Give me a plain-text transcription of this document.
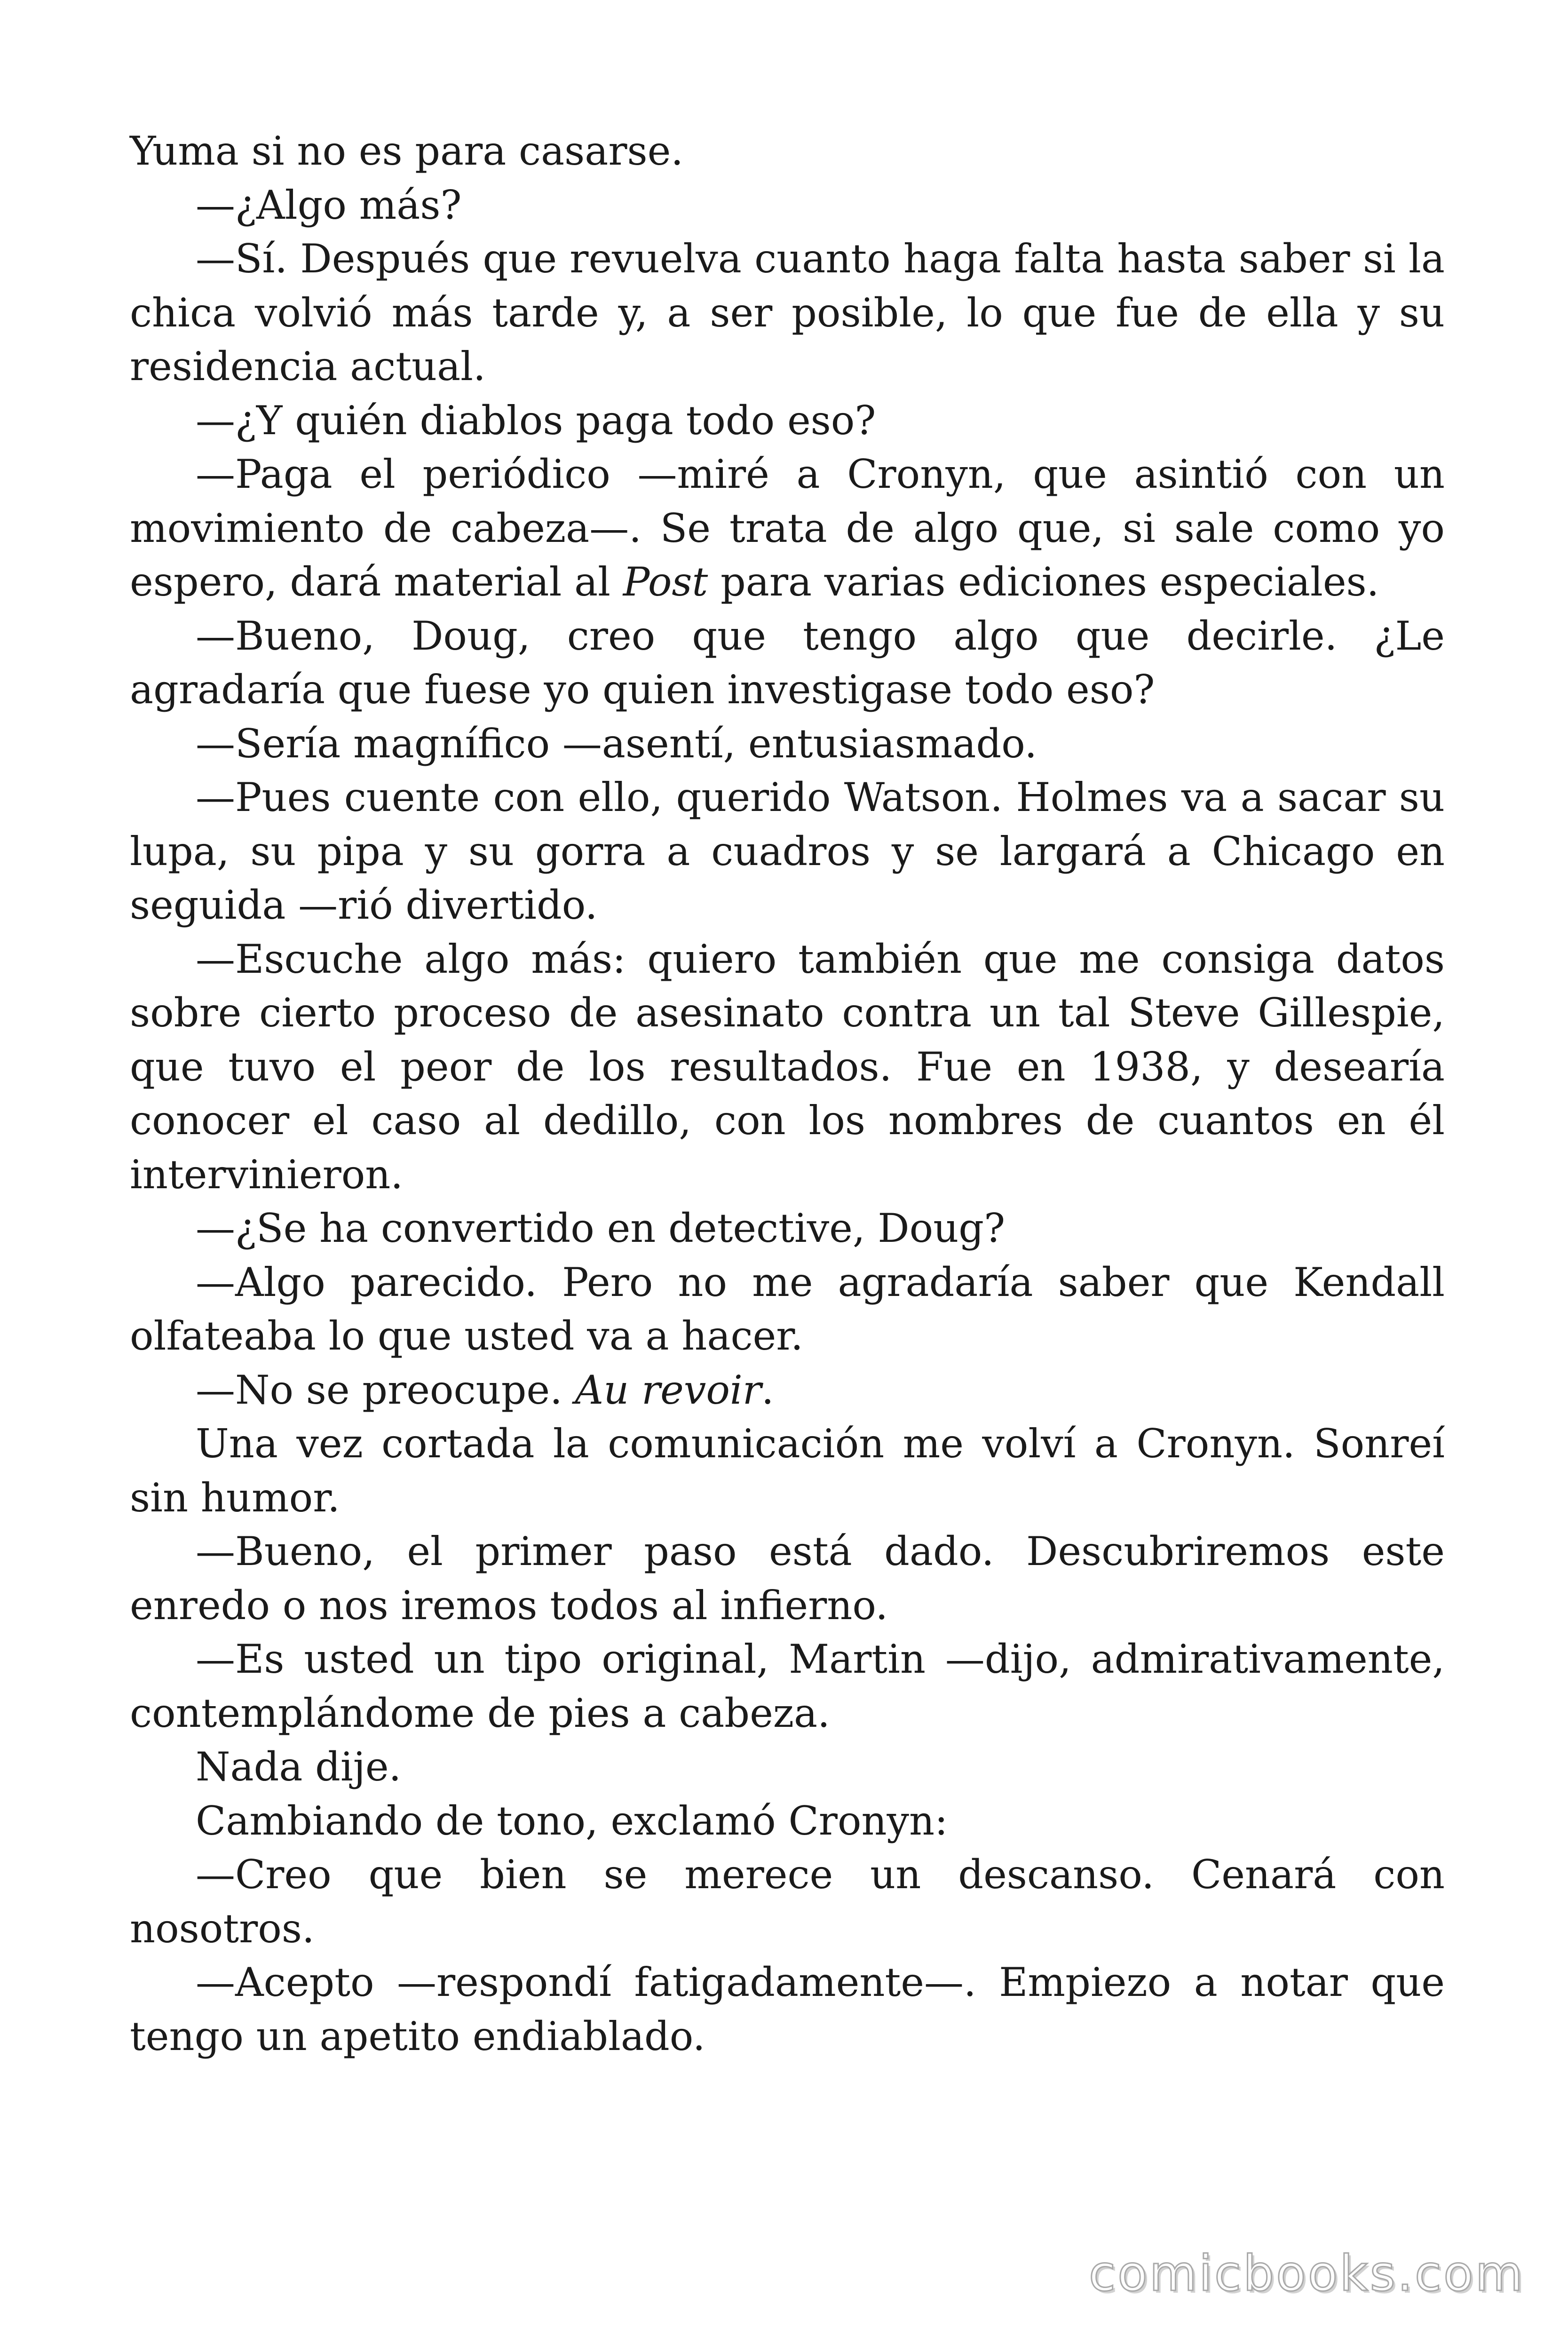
Yuma si no es para casarse.

—¿Algo más?

—Sí. Después que revuelva cuanto haga falta hasta saber si la chica volvió más tarde y, a ser posible, lo que fue de ella y su residencia actual.

—¿Y quién diablos paga todo eso?

—Paga el periódico —miré a Cronyn, que asintió con un movimiento de cabeza—. Se trata de algo que, si sale como yo espero, dará material al Post para varias ediciones especiales.

—Bueno, Doug, creo que tengo algo que decirle. ¿Le agradaría que fuese yo quien investigase todo eso?

—Sería magnífico —asentí, entusiasmado.

—Pues cuente con ello, querido Watson. Holmes va a sacar su lupa, su pipa y su gorra a cuadros y se largará a Chicago en seguida —rió divertido.

—Escuche algo más: quiero también que me consiga datos sobre cierto proceso de asesinato contra un tal Steve Gillespie, que tuvo el peor de los resultados. Fue en 1938, y desearía conocer el caso al dedillo, con los nombres de cuantos en él intervinieron.

—¿Se ha convertido en detective, Doug?

—Algo parecido. Pero no me agradaría saber que Kendall olfateaba lo que usted va a hacer.

—No se preocupe. Au revoir.

Una vez cortada la comunicación me volví a Cronyn. Sonreí sin humor.

—Bueno, el primer paso está dado. Descubriremos este enredo o nos iremos todos al infierno.

—Es usted un tipo original, Martin —dijo, admirativamente, contemplándome de pies a cabeza.

Nada dije.

Cambiando de tono, exclamó Cronyn:

—Creo que bien se merece un descanso. Cenará con nosotros.

—Acepto —respondí fatigadamente—. Empiezo a notar que tengo un apetito endiablado.

comicbooks.com
